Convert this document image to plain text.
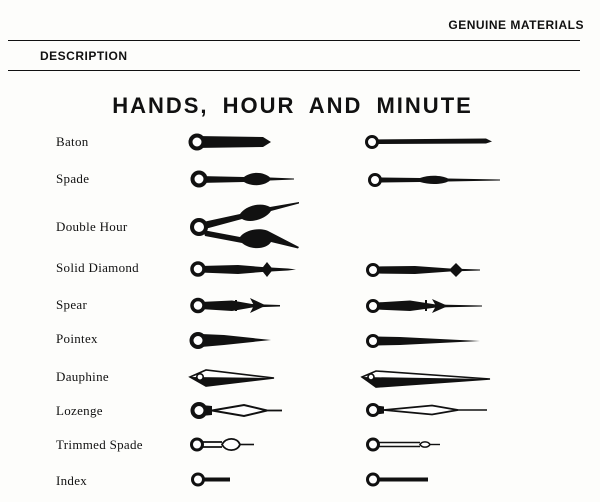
GENUINE MATERIALS
DESCRIPTION
HANDS, HOUR AND MINUTE
Baton
Spade
Double Hour
Solid Diamond
Spear
Pointex
Dauphine
Lozenge
Trimmed Spade
Index
